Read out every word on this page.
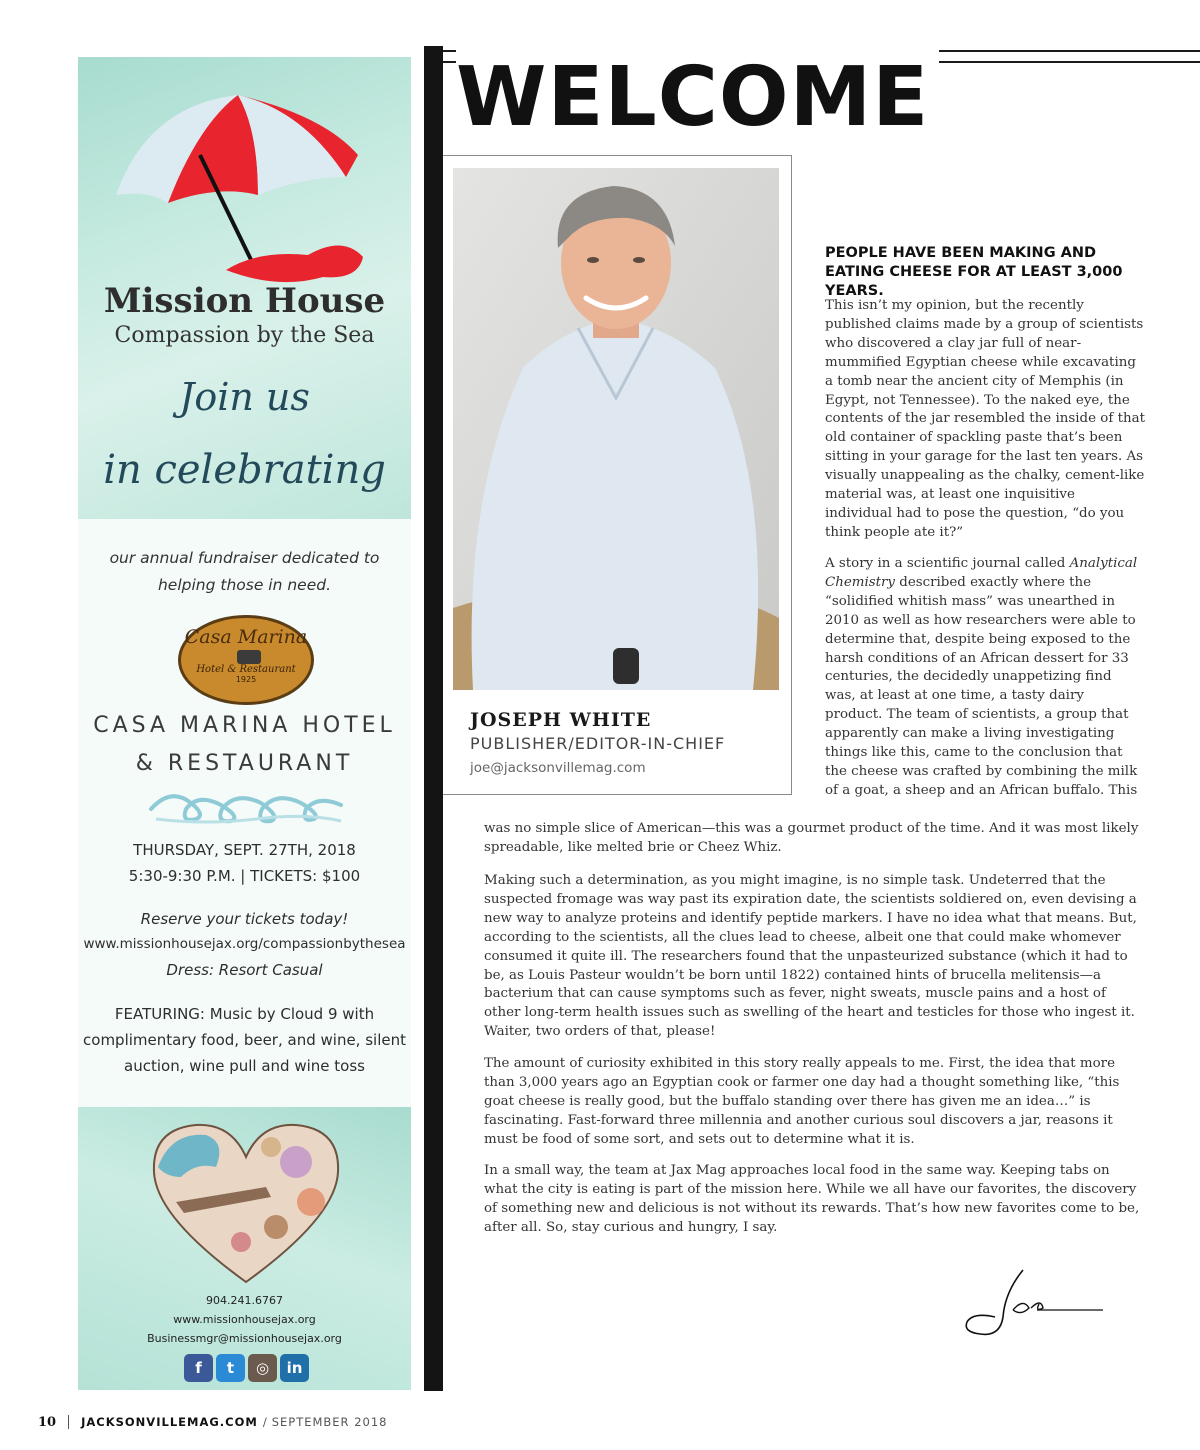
Mission House
Compassion by the Sea
Join us
in celebrating
our annual fundraiser dedicated to
helping those in need.
Casa Marina
Hotel & Restaurant
1925
CASA MARINA HOTEL
& RESTAURANT
THURSDAY, SEPT. 27TH, 2018
5:30-9:30 P.M. | TICKETS: $100
Reserve your tickets today!
www.missionhousejax.org/compassionbythesea
Dress: Resort Casual
FEATURING: Music by Cloud 9 with
complimentary food, beer, and wine, silent
auction, wine pull and wine toss
904.241.6767
www.missionhousejax.org
Businessmgr@missionhousejax.org
f	t	◎	in
WELCOME
JOSEPH WHITE
PUBLISHER/EDITOR-IN-CHIEF
joe@jacksonvillemag.com
PEOPLE HAVE BEEN MAKING AND EATING CHEESE FOR AT LEAST 3,000 YEARS.
This isn’t my opinion, but the recently published claims made by a group of scientists who discovered a clay jar full of near-mummified Egyptian cheese while excavating a tomb near the ancient city of Memphis (in Egypt, not Tennessee). To the naked eye, the contents of the jar resembled the inside of that old container of spackling paste that’s been sitting in your garage for the last ten years. As visually unappealing as the chalky, cement-like material was, at least one inquisitive individual had to pose the question, “do you think people ate it?”
A story in a scientific journal called Analytical Chemistry described exactly where the “solidified whitish mass” was unearthed in 2010 as well as how researchers were able to determine that, despite being exposed to the harsh conditions of an African dessert for 33 centuries, the decidedly unappetizing find was, at least at one time, a tasty dairy product. The team of scientists, a group that apparently can make a living investigating things like this, came to the conclusion that the cheese was crafted by combining the milk of a goat, a sheep and an African buffalo. This
was no simple slice of American—this was a gourmet product of the time. And it was most likely spreadable, like melted brie or Cheez Whiz.
Making such a determination, as you might imagine, is no simple task. Undeterred that the suspected fromage was way past its expiration date, the scientists soldiered on, even devising a new way to analyze proteins and identify peptide markers. I have no idea what that means. But, according to the scientists, all the clues lead to cheese, albeit one that could make whomever consumed it quite ill. The researchers found that the unpasteurized substance (which it had to be, as Louis Pasteur wouldn’t be born until 1822) contained hints of brucella melitensis—a bacterium that can cause symptoms such as fever, night sweats, muscle pains and a host of other long-term health issues such as swelling of the heart and testicles for those who ingest it. Waiter, two orders of that, please!
The amount of curiosity exhibited in this story really appeals to me. First, the idea that more than 3,000 years ago an Egyptian cook or farmer one day had a thought something like, “this goat cheese is really good, but the buffalo standing over there has given me an idea…” is fascinating. Fast-forward three millennia and another curious soul discovers a jar, reasons it must be food of some sort, and sets out to determine what it is.
In a small way, the team at Jax Mag approaches local food in the same way. Keeping tabs on what the city is eating is part of the mission here. While we all have our favorites, the discovery of something new and delicious is not without its rewards. That’s how new favorites come to be, after all. So, stay curious and hungry, I say.
10 JACKSONVILLEMAG.COM / SEPTEMBER 2018
